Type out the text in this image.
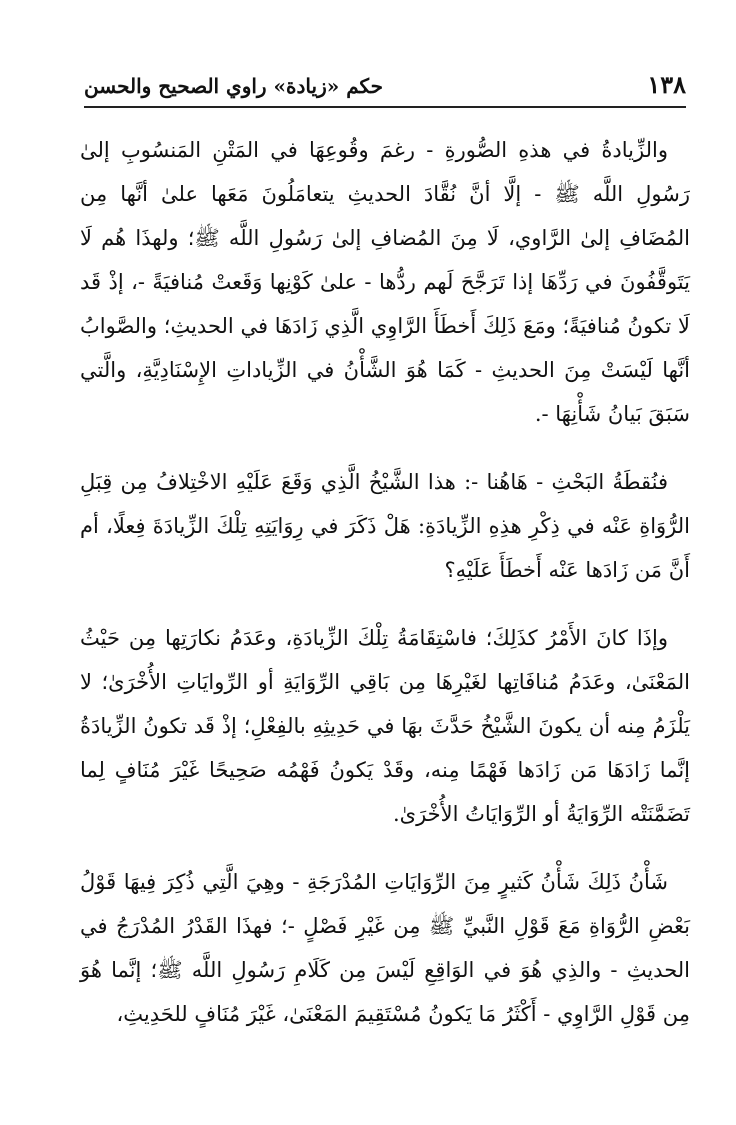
١٣٨
حكم «زيادة» راوي الصحيح والحسن

والزِّيادةُ في هذهِ الصُّورةِ - رغمَ وقُوعِهَا في المَتْنِ المَنسُوبِ إلىٰ رَسُولِ اللَّه ﷺ - إلَّا أنَّ نُقَّادَ الحديثِ يتعامَلُونَ مَعَها علىٰ أنَّها مِن المُضَافِ إلىٰ الرَّاوي، لَا مِنَ المُضافِ إلىٰ رَسُولِ اللَّه ﷺ؛ ولهذَا هُم لَا يَتَوقَّفُونَ في رَدِّهَا إذا تَرَجَّحَ لَهم ردُّها - علىٰ كَوْنِها وَقَعتْ مُنافيَةً -، إذْ قَد لَا تكونُ مُنافيَةً؛ ومَعَ ذَلِكَ أَخطَأَ الرَّاوِي الَّذِي زَادَهَا في الحديثِ؛ والصَّوابُ أنَّها لَيْسَتْ مِنَ الحديثِ - كَمَا هُوَ الشَّأْنُ في الزِّياداتِ الإِسْنَادِيَّةِ، والَّتي سَبَقَ بَيانُ شَأْنِهَا -.

فنُقطَةُ البَحْثِ - هَاهُنا -: هذا الشَّيْخُ الَّذِي وَقَعَ عَلَيْهِ الاخْتِلافُ مِن قِبَلِ الرُّوَاةِ عَنْه في ذِكْرِ هذِهِ الزِّيادَةِ: هَلْ ذَكَرَ في رِوَايَتِهِ تِلْكَ الزِّيادَةَ فِعلًا، أم أَنَّ مَن زَادَها عَنْه أَخطَأَ عَلَيْهِ؟

وإذَا كانَ الأَمْرُ كذَلِكَ؛ فاسْتِقَامَةُ تِلْكَ الزِّيادَةِ، وعَدَمُ نكارَتِها مِن حَيْثُ المَعْنَىٰ، وعَدَمُ مُنافَاتِها لغَيْرِهَا مِن بَاقِي الرِّوَايَةِ أو الرِّوايَاتِ الأُخْرَىٰ؛ لا يَلْزَمُ مِنه أن يكونَ الشَّيْخُ حَدَّثَ بهَا في حَدِيثِهِ بالفِعْلِ؛ إذْ قَد تكونُ الزِّيادَةُ إنَّما زَادَهَا مَن زَادَها فَهْمًا مِنه، وقَدْ يَكونُ فَهْمُه صَحِيحًا غَيْرَ مُنَافٍ لِما تَضَمَّنَتْه الرِّوَايَةُ أو الرِّوَايَاتُ الأُخْرَىٰ.

شَأْنُ ذَلِكَ شَأْنُ كَثيرٍ مِنَ الرِّوَايَاتِ المُدْرَجَةِ - وهِيَ الَّتِي ذُكِرَ فِيهَا قَوْلُ بَعْضِ الرُّوَاةِ مَعَ قَوْلِ النَّبيِّ ﷺ مِن غَيْرِ فَصْلٍ -؛ فهذَا القَدْرُ المُدْرَجُ في الحديثِ - والذِي هُوَ في الوَاقِعِ لَيْسَ مِن كَلَامِ رَسُولِ اللَّه ﷺ؛ إنَّما هُوَ مِن قَوْلِ الرَّاوِي - أَكْثَرُ مَا يَكونُ مُسْتَقِيمَ المَعْنَىٰ، غَيْرَ مُنَافٍ للحَدِيثِ،
